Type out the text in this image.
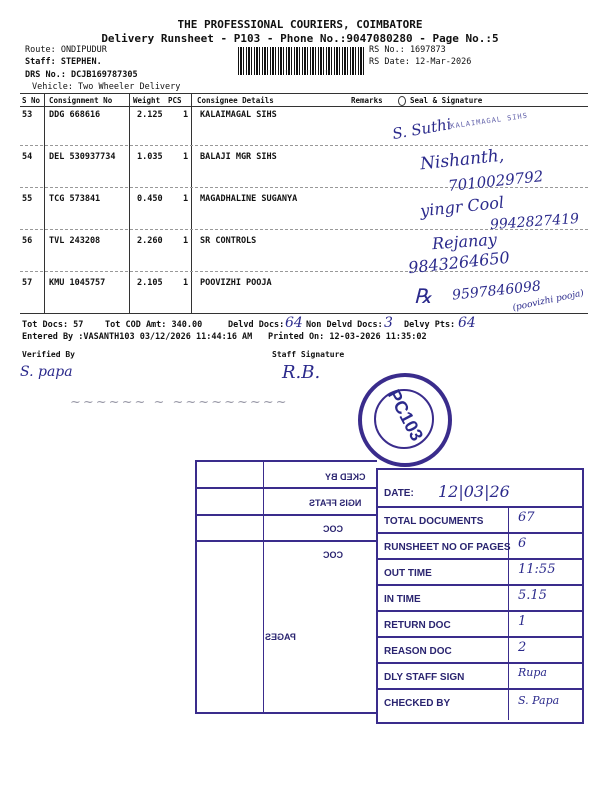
THE PROFESSIONAL COURIERS, COIMBATORE
Delivery Runsheet - P103 - Phone No.:9047080280 - Page No.:5
Route: ONDIPUDUR
Staff: STEPHEN.
DRS No.: DCJB169787305
Vehicle: Two Wheeler Delivery
RS No.: 1697873
RS Date: 12-Mar-2026
S No Consignment No	Weight PCS Consignee Details	Remarks	Seal & Signature
53 DDG 668616	2.125 1 KALAIMAGAL SIHS
54 DEL 530937734	1.035 1 BALAJI MGR SIHS
55 TCG 573841	0.450 1 MAGADHALINE SUGANYA
56 TVL 243208	2.260 1 SR CONTROLS
57 KMU 1045757	2.105 1 POOVIZHI POOJA
KALAIMAGAL SIHS
S. Suthi
Nishanth,
7010029792
yingr Cool
9942827419
Rejanay
9843264650
℞ 9597846098
(poovizhi pooja)
Tot Docs: 57	Tot COD Amt: 340.00	Delvd Docs: 64 Non Delvd Docs: 3 Delvy Pts: 64
Entered By :VASANTH103 03/12/2026 11:44:16 AM Printed On: 12-03-2026 11:35:02
Verified By
S. papa
Staff Signature
R.B.
~~~~~~ ~ ~~~~~~~~~	PC103
CKED BY
NGIS FFATS
COC
COC
PAGES
DATE: 12|03|26
TOTAL DOCUMENTS	67
RUNSHEET NO OF PAGES 6
OUT TIME	11:55
IN TIME	5.15
RETURN DOC	1
REASON DOC	2
DLY STAFF SIGN	Rupa
CHECKED BY	S. Papa
